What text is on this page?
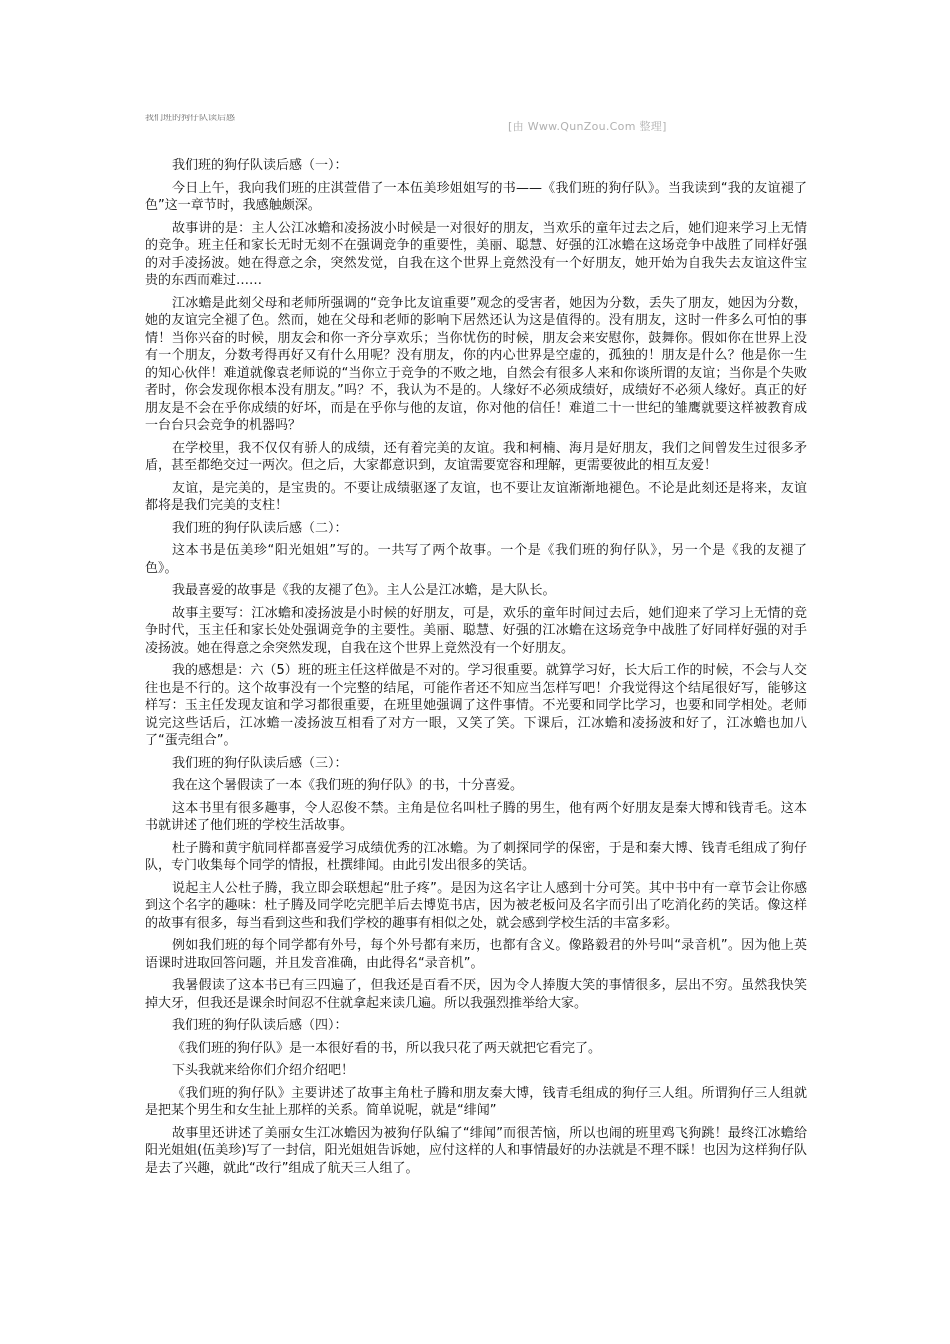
我们班的狗仔队读后感
[由 Www.QunZou.Com 整理]

我们班的狗仔队读后感（一）：

今日上午，我向我们班的庄淇萱借了一本伍美珍姐姐写的书——《我们班的狗仔队》。当我读到“我的友谊褪了色”这一章节时，我感触颇深。

故事讲的是：主人公江冰蟾和凌扬波小时候是一对很好的朋友，当欢乐的童年过去之后，她们迎来学习上无情的竞争。班主任和家长无时无刻不在强调竞争的重要性，美丽、聪慧、好强的江冰蟾在这场竞争中战胜了同样好强的对手凌扬波。她在得意之余，突然发觉，自我在这个世界上竟然没有一个好朋友，她开始为自我失去友谊这件宝贵的东西而难过……

江冰蟾是此刻父母和老师所强调的“竞争比友谊重要”观念的受害者，她因为分数，丢失了朋友，她因为分数，她的友谊完全褪了色。然而，她在父母和老师的影响下居然还认为这是值得的。没有朋友，这时一件多么可怕的事情！当你兴奋的时候，朋友会和你一齐分享欢乐；当你忧伤的时候，朋友会来安慰你，鼓舞你。假如你在世界上没有一个朋友，分数考得再好又有什么用呢？没有朋友，你的内心世界是空虚的，孤独的！朋友是什么？他是你一生的知心伙伴！难道就像袁老师说的“当你立于竞争的不败之地，自然会有很多人来和你谈所谓的友谊；当你是个失败者时，你会发现你根本没有朋友。”吗？不，我认为不是的。人缘好不必须成绩好，成绩好不必须人缘好。真正的好朋友是不会在乎你成绩的好坏，而是在乎你与他的友谊，你对他的信任！难道二十一世纪的雏鹰就要这样被教育成一台台只会竞争的机器吗？

在学校里，我不仅仅有骄人的成绩，还有着完美的友谊。我和柯楠、海月是好朋友，我们之间曾发生过很多矛盾，甚至都绝交过一两次。但之后，大家都意识到，友谊需要宽容和理解，更需要彼此的相互友爱！

友谊，是完美的，是宝贵的。不要让成绩驱逐了友谊，也不要让友谊渐渐地褪色。不论是此刻还是将来，友谊都将是我们完美的支柱！

我们班的狗仔队读后感（二）：

这本书是伍美珍“阳光姐姐”写的。一共写了两个故事。一个是《我们班的狗仔队》，另一个是《我的友褪了色》。

我最喜爱的故事是《我的友褪了色》。主人公是江冰蟾，是大队长。

故事主要写：江冰蟾和凌扬波是小时候的好朋友，可是，欢乐的童年时间过去后，她们迎来了学习上无情的竞争时代，玉主任和家长处处强调竞争的主要性。美丽、聪慧、好强的江冰蟾在这场竞争中战胜了好同样好强的对手凌扬波。她在得意之余突然发现，自我在这个世界上竟然没有一个好朋友。

我的感想是：六（5）班的班主任这样做是不对的。学习很重要。就算学习好，长大后工作的时候，不会与人交往也是不行的。这个故事没有一个完整的结尾，可能作者还不知应当怎样写吧！介我觉得这个结尾很好写，能够这样写：玉主任发现友谊和学习都很重要，在班里她强调了这件事情。不光要和同学比学习，也要和同学相处。老师说完这些话后，江冰蟾一凌扬波互相看了对方一眼，又笑了笑。下课后，江冰蟾和凌扬波和好了，江冰蟾也加八了“蛋壳组合”。

我们班的狗仔队读后感（三）：

我在这个暑假读了一本《我们班的狗仔队》的书，十分喜爱。

这本书里有很多趣事，令人忍俊不禁。主角是位名叫杜子腾的男生，他有两个好朋友是秦大博和钱青毛。这本书就讲述了他们班的学校生活故事。

杜子腾和黄宇航同样都喜爱学习成绩优秀的江冰蟾。为了刺探同学的保密，于是和秦大博、钱青毛组成了狗仔队，专门收集每个同学的情报，杜撰绯闻。由此引发出很多的笑话。

说起主人公杜子腾，我立即会联想起“肚子疼”。是因为这名字让人感到十分可笑。其中书中有一章节会让你感到这个名字的趣味：杜子腾及同学吃完肥羊后去博览书店，因为被老板问及名字而引出了吃消化药的笑话。像这样的故事有很多，每当看到这些和我们学校的趣事有相似之处，就会感到学校生活的丰富多彩。

例如我们班的每个同学都有外号，每个外号都有来历，也都有含义。像路毅君的外号叫“录音机”。因为他上英语课时进取回答问题，并且发音准确，由此得名“录音机”。

我暑假读了这本书已有三四遍了，但我还是百看不厌，因为令人捧腹大笑的事情很多，层出不穷。虽然我快笑掉大牙，但我还是课余时间忍不住就拿起来读几遍。所以我强烈推举给大家。

我们班的狗仔队读后感（四）：

《我们班的狗仔队》是一本很好看的书，所以我只花了两天就把它看完了。

下头我就来给你们介绍介绍吧！

《我们班的狗仔队》主要讲述了故事主角杜子腾和朋友秦大博，钱青毛组成的狗仔三人组。所谓狗仔三人组就是把某个男生和女生扯上那样的关系。简单说呢，就是“绯闻”

故事里还讲述了美丽女生江冰蟾因为被狗仔队编了“绯闻”而很苦恼，所以也闹的班里鸡飞狗跳！最终江冰蟾给阳光姐姐(伍美珍)写了一封信，阳光姐姐告诉她，应付这样的人和事情最好的办法就是不理不睬！也因为这样狗仔队是去了兴趣，就此“改行”组成了航天三人组了。
